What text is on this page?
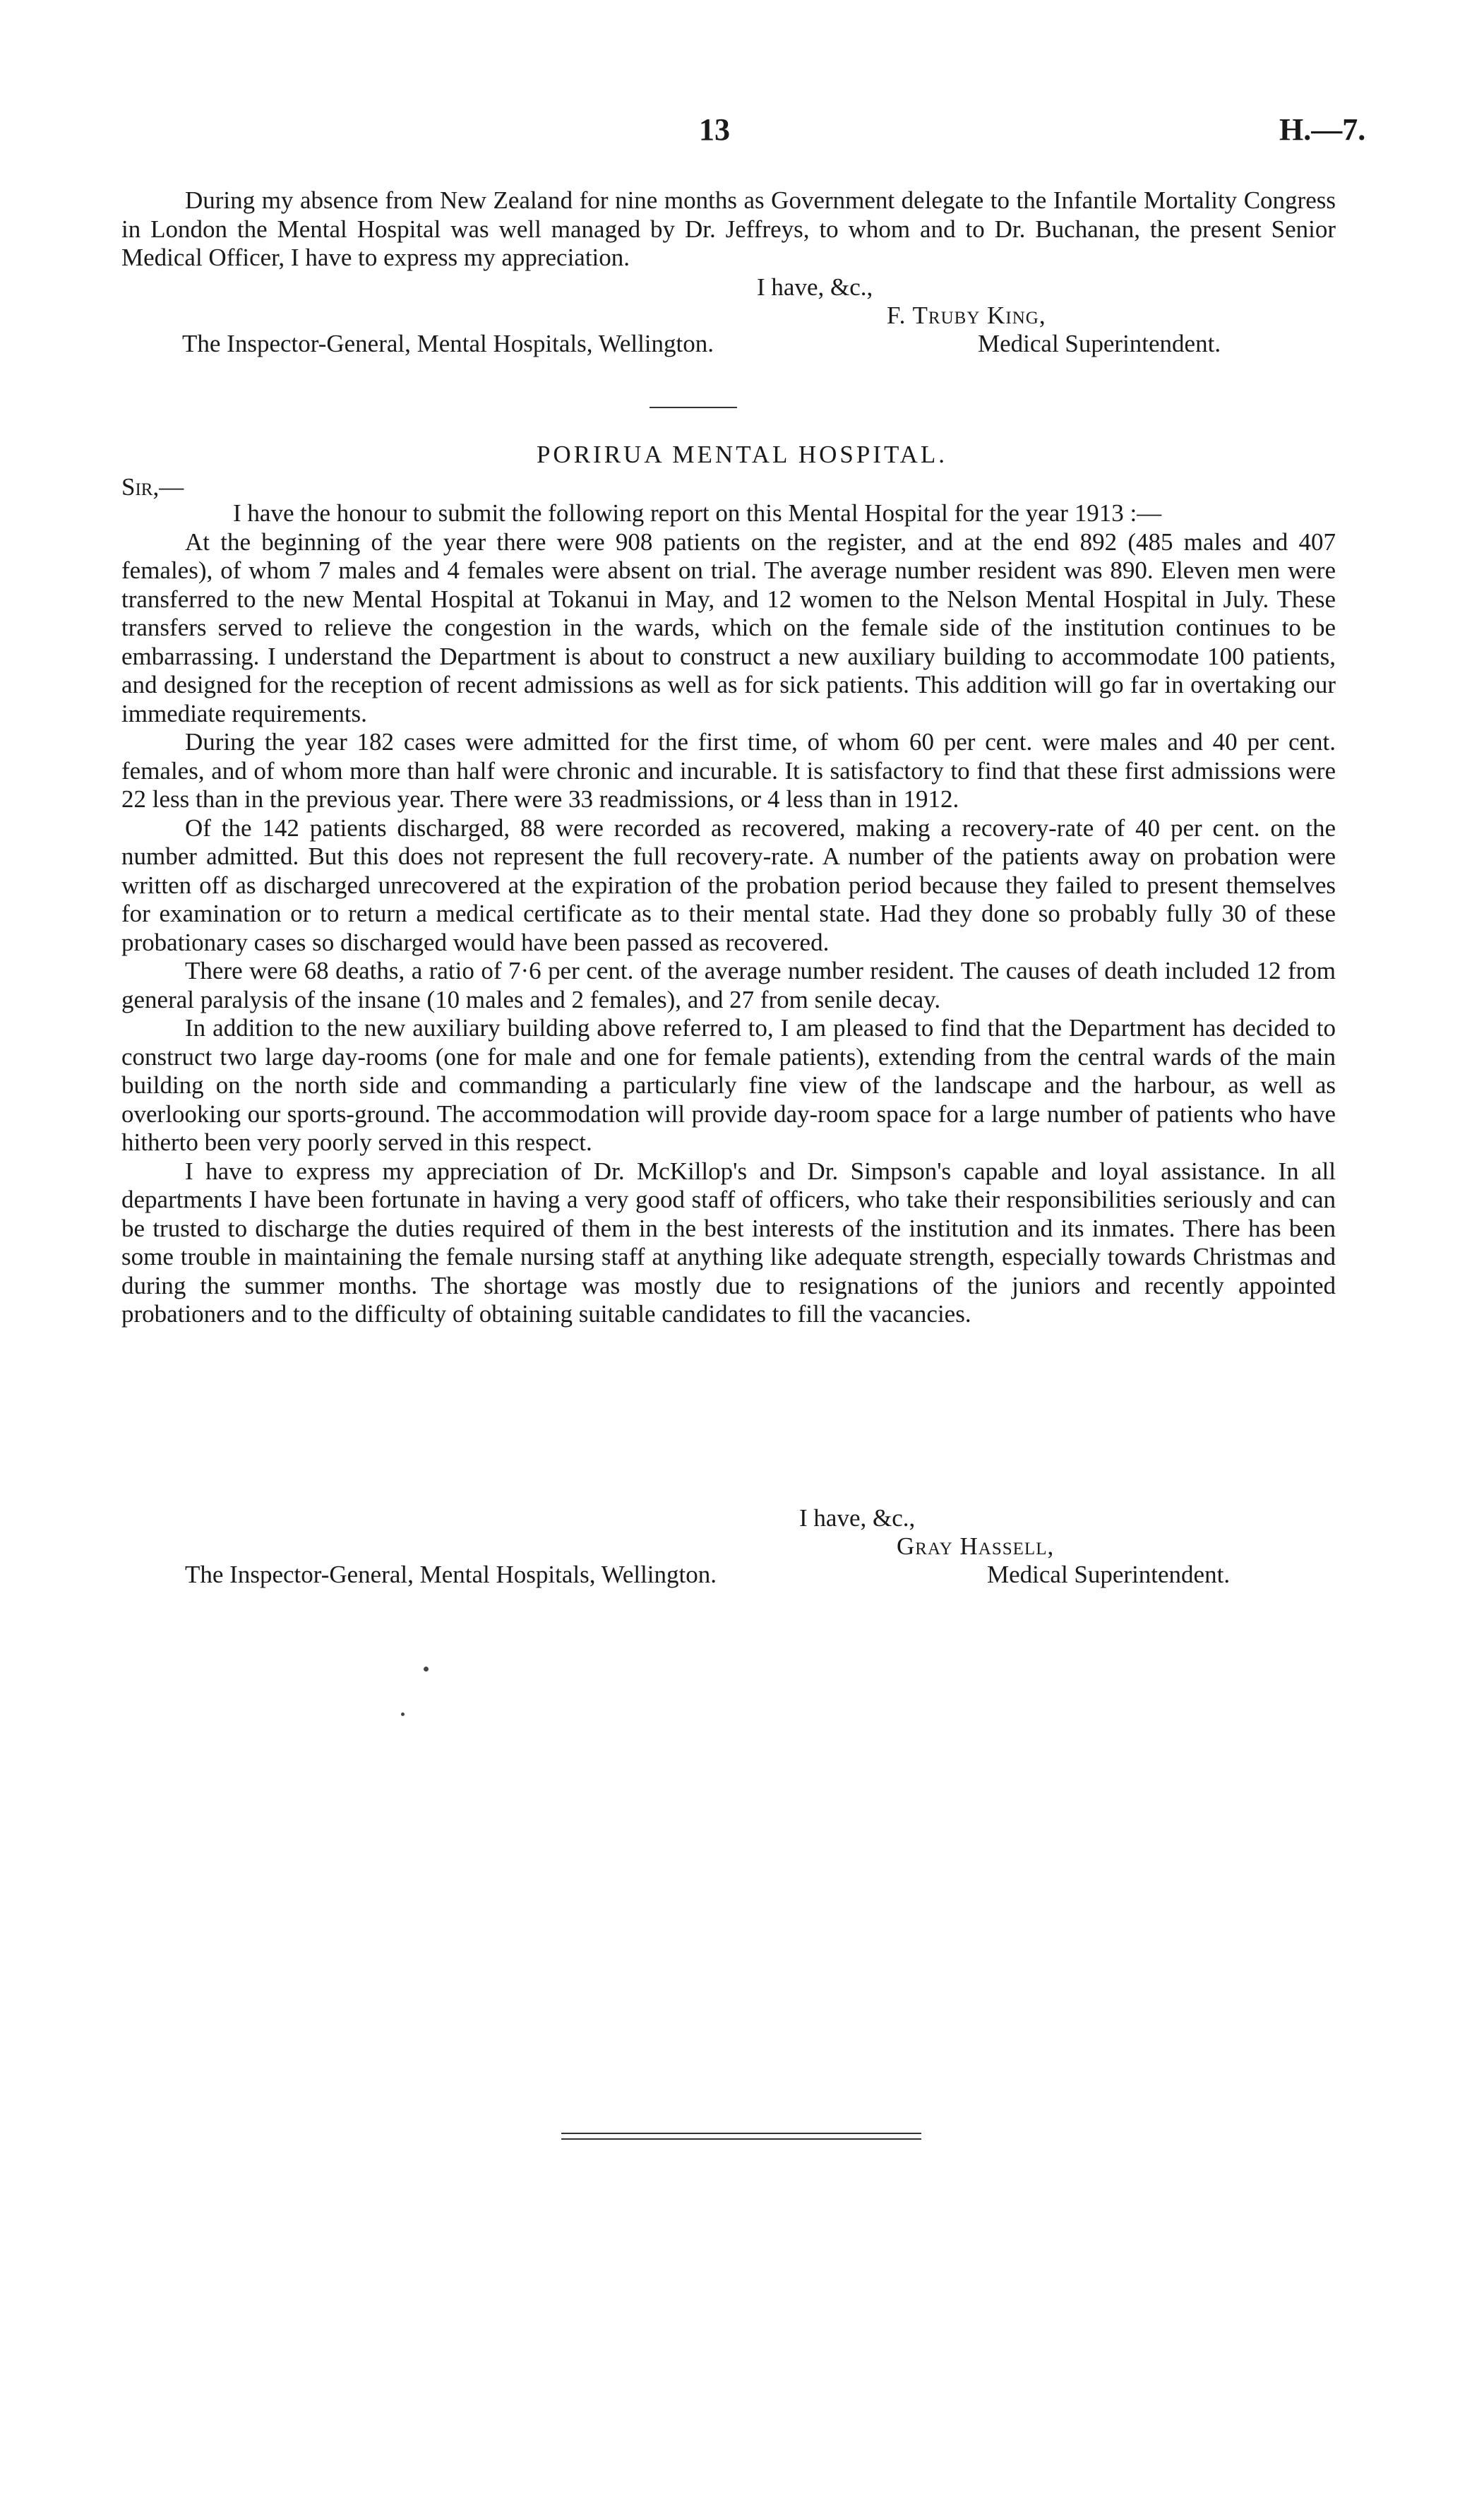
13	H.—7.

During my absence from New Zealand for nine months as Government delegate to the Infantile Mortality Congress in London the Mental Hospital was well managed by Dr. Jeffreys, to whom and to Dr. Buchanan, the present Senior Medical Officer, I have to express my appreciation.

I have, &c.,
F. Truby King,
The Inspector-General, Mental Hospitals, Wellington.	Medical Superintendent.
PORIRUA MENTAL HOSPITAL.
Sir,—

I have the honour to submit the following report on this Mental Hospital for the year 1913 :—

At the beginning of the year there were 908 patients on the register, and at the end 892 (485 males and 407 females), of whom 7 males and 4 females were absent on trial. The average number resident was 890. Eleven men were transferred to the new Mental Hospital at Tokanui in May, and 12 women to the Nelson Mental Hospital in July. These transfers served to relieve the congestion in the wards, which on the female side of the institution continues to be embarrassing. I understand the Department is about to construct a new auxiliary building to accommodate 100 patients, and designed for the reception of recent admissions as well as for sick patients. This addition will go far in overtaking our immediate requirements.

During the year 182 cases were admitted for the first time, of whom 60 per cent. were males and 40 per cent. females, and of whom more than half were chronic and incurable. It is satisfactory to find that these first admissions were 22 less than in the previous year. There were 33 readmissions, or 4 less than in 1912.

Of the 142 patients discharged, 88 were recorded as recovered, making a recovery-rate of 40 per cent. on the number admitted. But this does not represent the full recovery-rate. A number of the patients away on probation were written off as discharged unrecovered at the expiration of the probation period because they failed to present themselves for examination or to return a medical certificate as to their mental state. Had they done so probably fully 30 of these probationary cases so discharged would have been passed as recovered.

There were 68 deaths, a ratio of 7·6 per cent. of the average number resident. The causes of death included 12 from general paralysis of the insane (10 males and 2 females), and 27 from senile decay.

In addition to the new auxiliary building above referred to, I am pleased to find that the Department has decided to construct two large day-rooms (one for male and one for female patients), extending from the central wards of the main building on the north side and commanding a particularly fine view of the landscape and the harbour, as well as overlooking our sports-ground. The accommodation will provide day-room space for a large number of patients who have hitherto been very poorly served in this respect.

I have to express my appreciation of Dr. McKillop's and Dr. Simpson's capable and loyal assistance. In all departments I have been fortunate in having a very good staff of officers, who take their responsibilities seriously and can be trusted to discharge the duties required of them in the best interests of the institution and its inmates. There has been some trouble in maintaining the female nursing staff at anything like adequate strength, especially towards Christmas and during the summer months. The shortage was mostly due to resignations of the juniors and recently appointed probationers and to the difficulty of obtaining suitable candidates to fill the vacancies.

I have, &c.,
Gray Hassell,
The Inspector-General, Mental Hospitals, Wellington.	Medical Superintendent.
